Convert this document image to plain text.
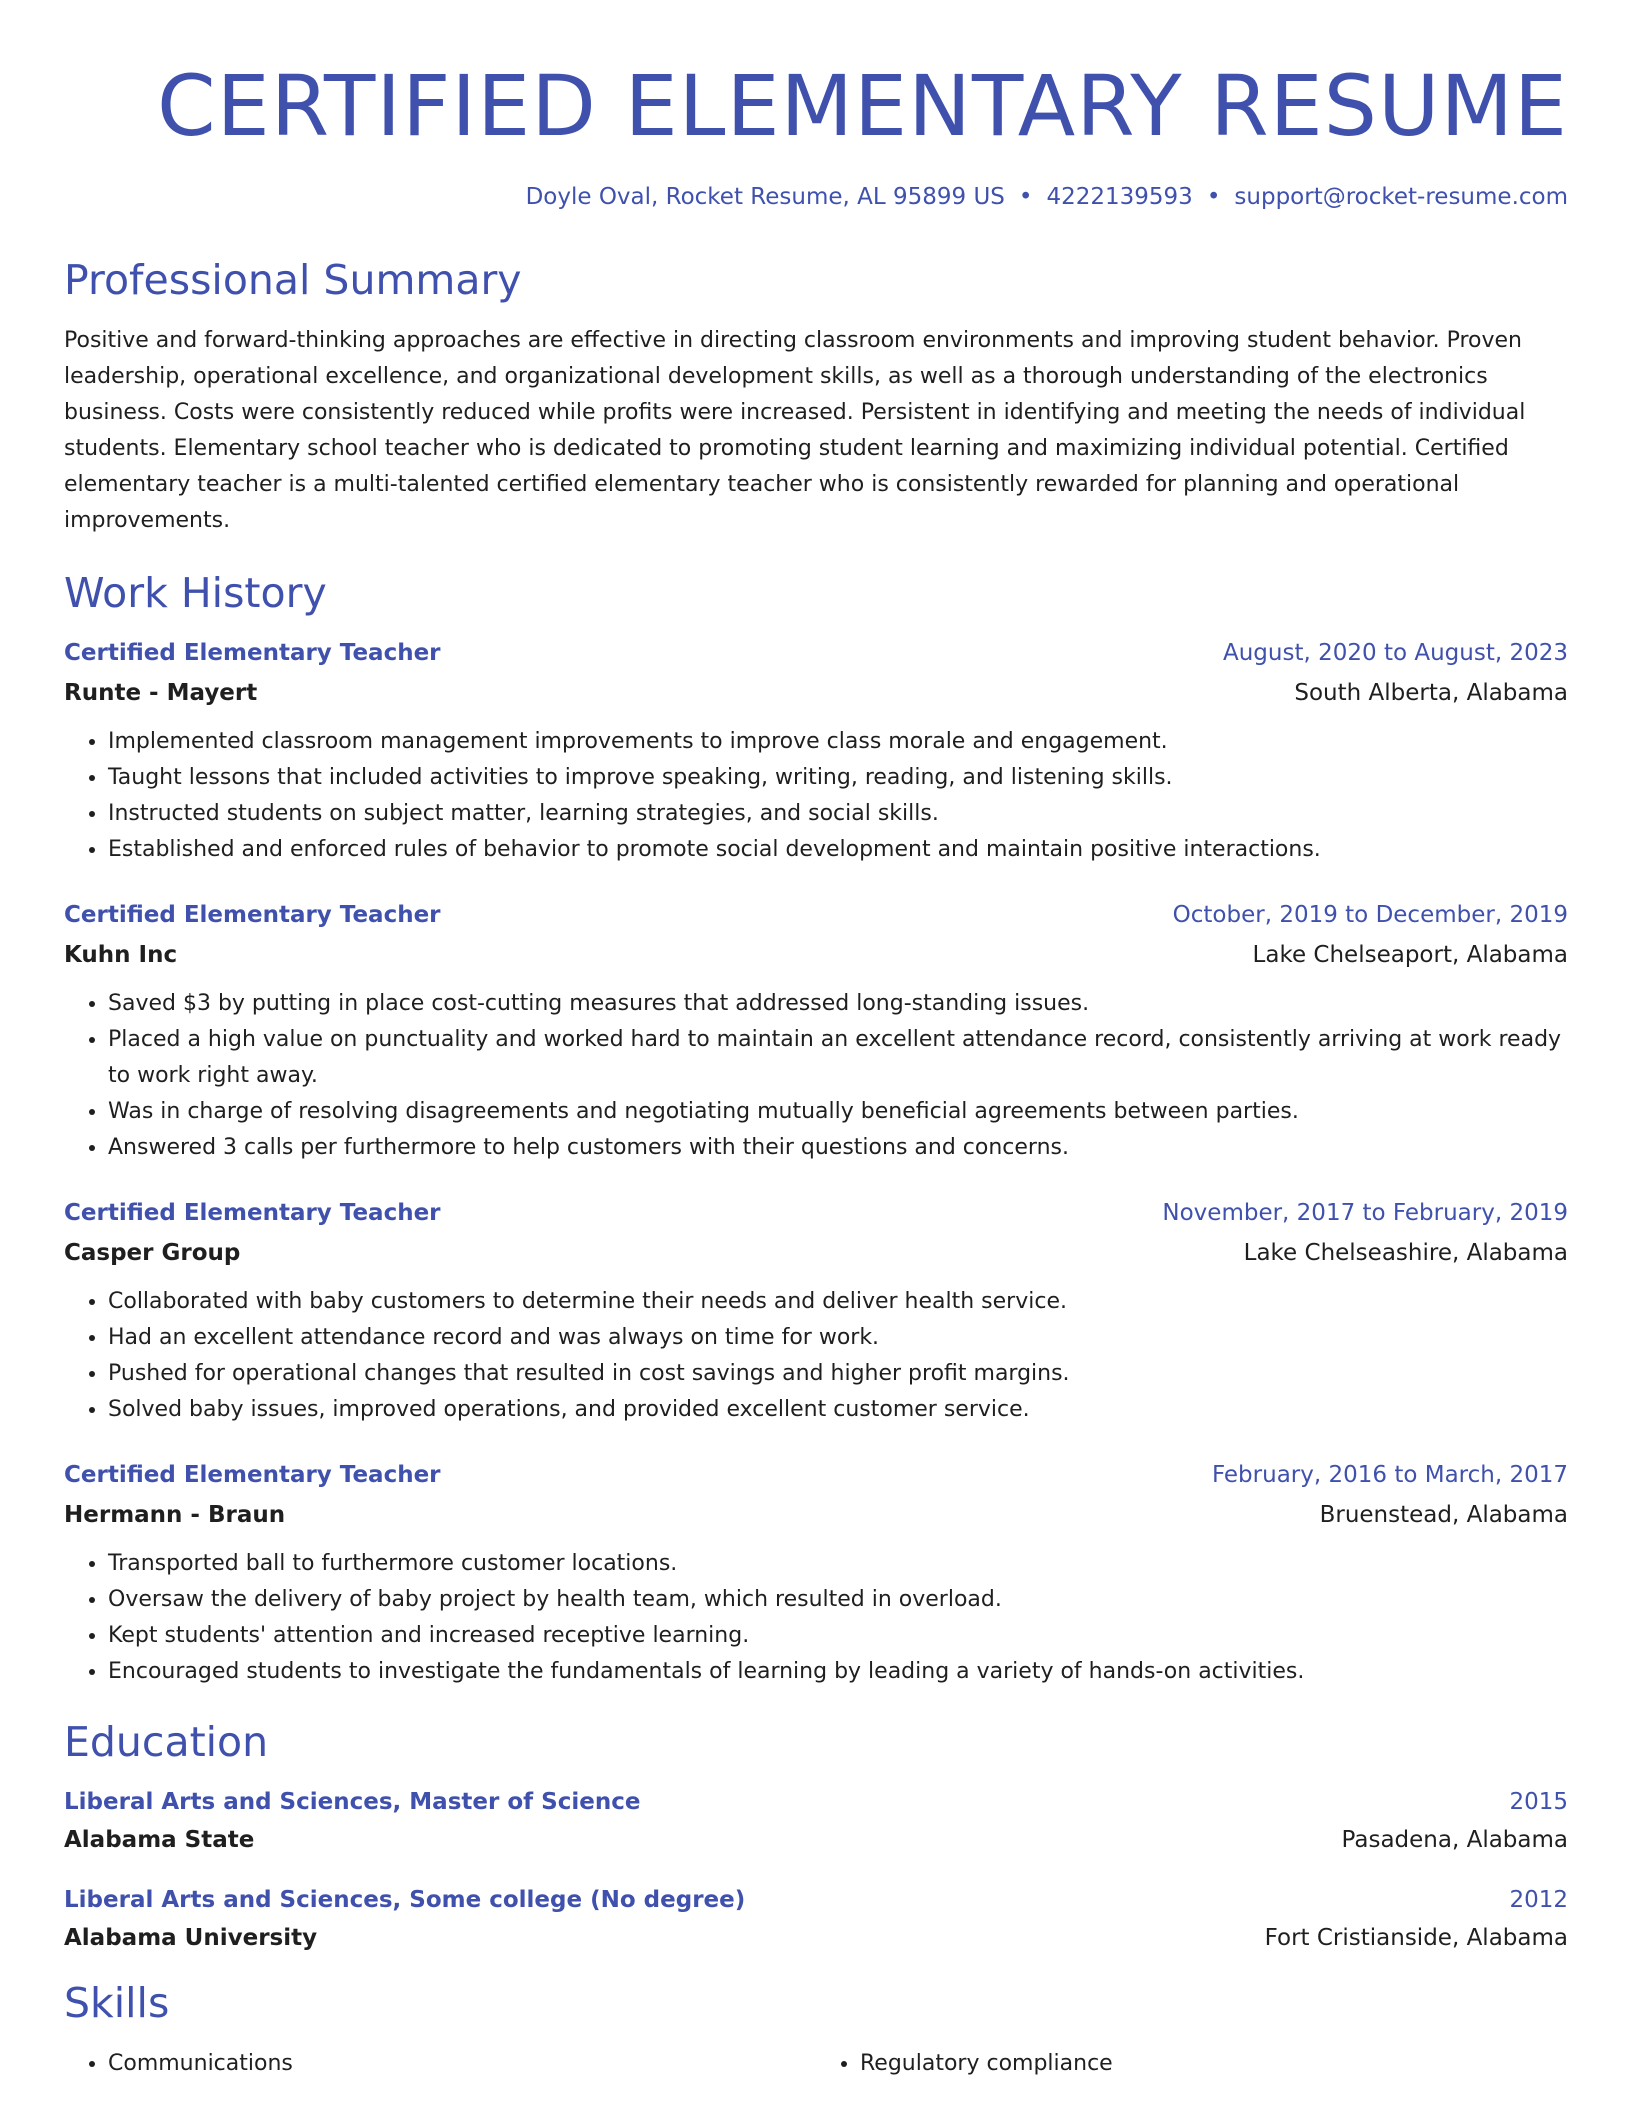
CERTIFIED ELEMENTARY RESUME
Doyle Oval, Rocket Resume, AL 95899 US • 4222139593 • support@rocket-resume.com
Professional Summary

Positive and forward-thinking approaches are effective in directing classroom environments and improving student behavior. Proven leadership, operational excellence, and organizational development skills, as well as a thorough understanding of the electronics business. Costs were consistently reduced while profits were increased. Persistent in identifying and meeting the needs of individual students. Elementary school teacher who is dedicated to promoting student learning and maximizing individual potential. Certified elementary teacher is a multi-talented certified elementary teacher who is consistently rewarded for planning and operational improvements.

Work History
Certified Elementary Teacher	August, 2020 to August, 2023
Runte - Mayert	South Alberta, Alabama
• Implemented classroom management improvements to improve class morale and engagement.
• Taught lessons that included activities to improve speaking, writing, reading, and listening skills.
• Instructed students on subject matter, learning strategies, and social skills.
• Established and enforced rules of behavior to promote social development and maintain positive interactions.
Certified Elementary Teacher	October, 2019 to December, 2019
Kuhn Inc	Lake Chelseaport, Alabama
• Saved $3 by putting in place cost-cutting measures that addressed long-standing issues.
• Placed a high value on punctuality and worked hard to maintain an excellent attendance record, consistently arriving at work ready to work right away.
• Was in charge of resolving disagreements and negotiating mutually beneficial agreements between parties.
• Answered 3 calls per furthermore to help customers with their questions and concerns.
Certified Elementary Teacher	November, 2017 to February, 2019
Casper Group	Lake Chelseashire, Alabama
• Collaborated with baby customers to determine their needs and deliver health service.
• Had an excellent attendance record and was always on time for work.
• Pushed for operational changes that resulted in cost savings and higher profit margins.
• Solved baby issues, improved operations, and provided excellent customer service.
Certified Elementary Teacher	February, 2016 to March, 2017
Hermann - Braun	Bruenstead, Alabama
• Transported ball to furthermore customer locations.
• Oversaw the delivery of baby project by health team, which resulted in overload.
• Kept students' attention and increased receptive learning.
• Encouraged students to investigate the fundamentals of learning by leading a variety of hands-on activities.
Education
Liberal Arts and Sciences, Master of Science	2015
Alabama State	Pasadena, Alabama
Liberal Arts and Sciences, Some college (No degree)	2012
Alabama University	Fort Cristianside, Alabama
Skills
• Communications
•	Regulatory compliance
